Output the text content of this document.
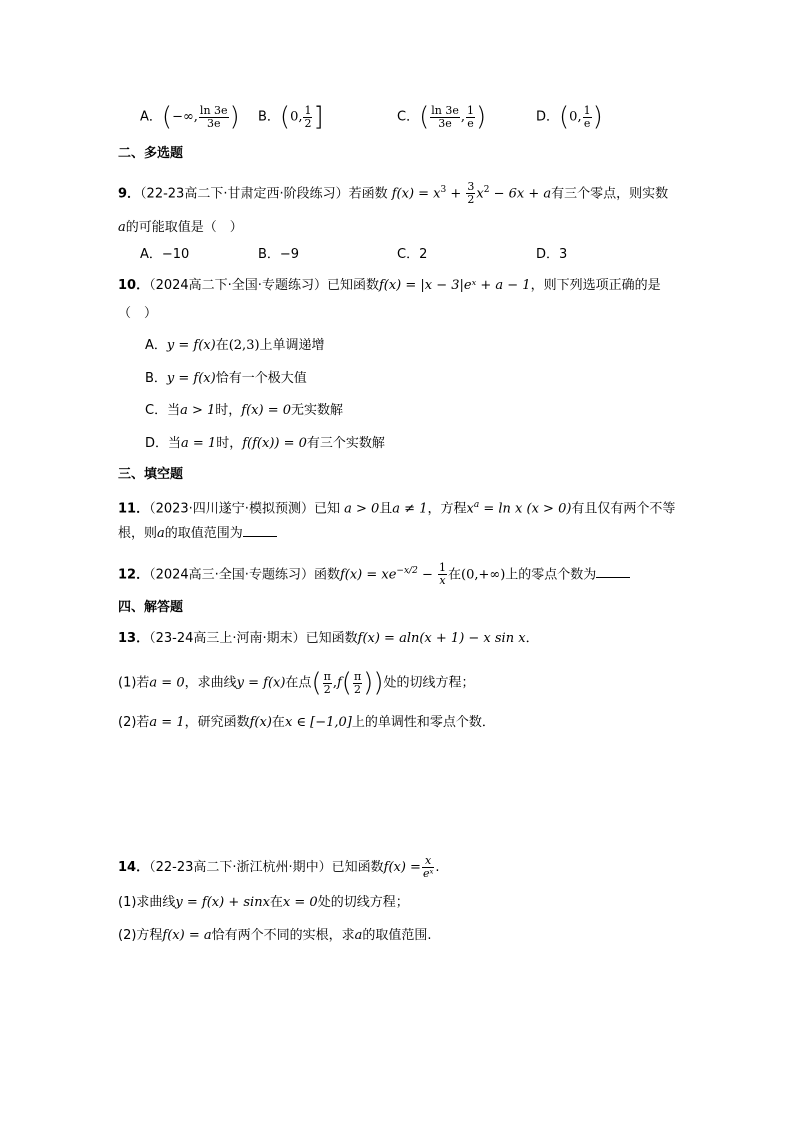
A．(−∞, $\frac{\ln 3e}{3e}$ ) B．(0, $\frac{1}{2}$ ]	C．( $\frac{\ln 3e}{3e}$ , $\frac{1}{e}$ )	D．(0, $\frac{1}{e}$ )
二、多选题
9．（22-23高二下·甘肃定西·阶段练习）若函数 $f(x) = x^3 + \frac{3}{2} x^2 - 6x + a$有三个零点，则实数
a的可能取值是（　）
A．−10	B．−9	C．2	D．3
10．（2024高二下·全国·专题练习）已知函数f(x) = |x − 3|eˣ + a − 1，则下列选项正确的是
（　）
A．y = f(x)在(2,3)上单调递增
B．y = f(x)恰有一个极大值
C．当a > 1时，f(x) = 0无实数解
D．当a = 1时，f(f(x)) = 0有三个实数解
三、填空题
11．（2023·四川遂宁·模拟预测）已知 a > 0且a ≠ 1，方程$x^a = \ln x$ (x > 0)有且仅有两个不等
根，则a的取值范围为
12．（2024高三·全国·专题练习）函数$f(x) = xe^{-x/2} - \frac{1}{x}$ 在(0,+∞)上的零点个数为
四、解答题
13．（23-24高三上·河南·期末）已知函数f(x) = aln(x + 1) − x sin x．
(1)若a = 0，求曲线y = f(x)在点( $\frac{\pi}{2} ,f( \frac{\pi}{2}$ ))处的切线方程；
(2)若a = 1，研究函数f(x)在x ∈ [−1,0]上的单调性和零点个数．
14．（22-23高二下·浙江杭州·期中）已知函数$f(x) = \frac{x}{\text{eˣ}}$ .
(1)求曲线y = f(x) + sinx在x = 0处的切线方程；
(2)方程f(x) = a恰有两个不同的实根，求a的取值范围.
